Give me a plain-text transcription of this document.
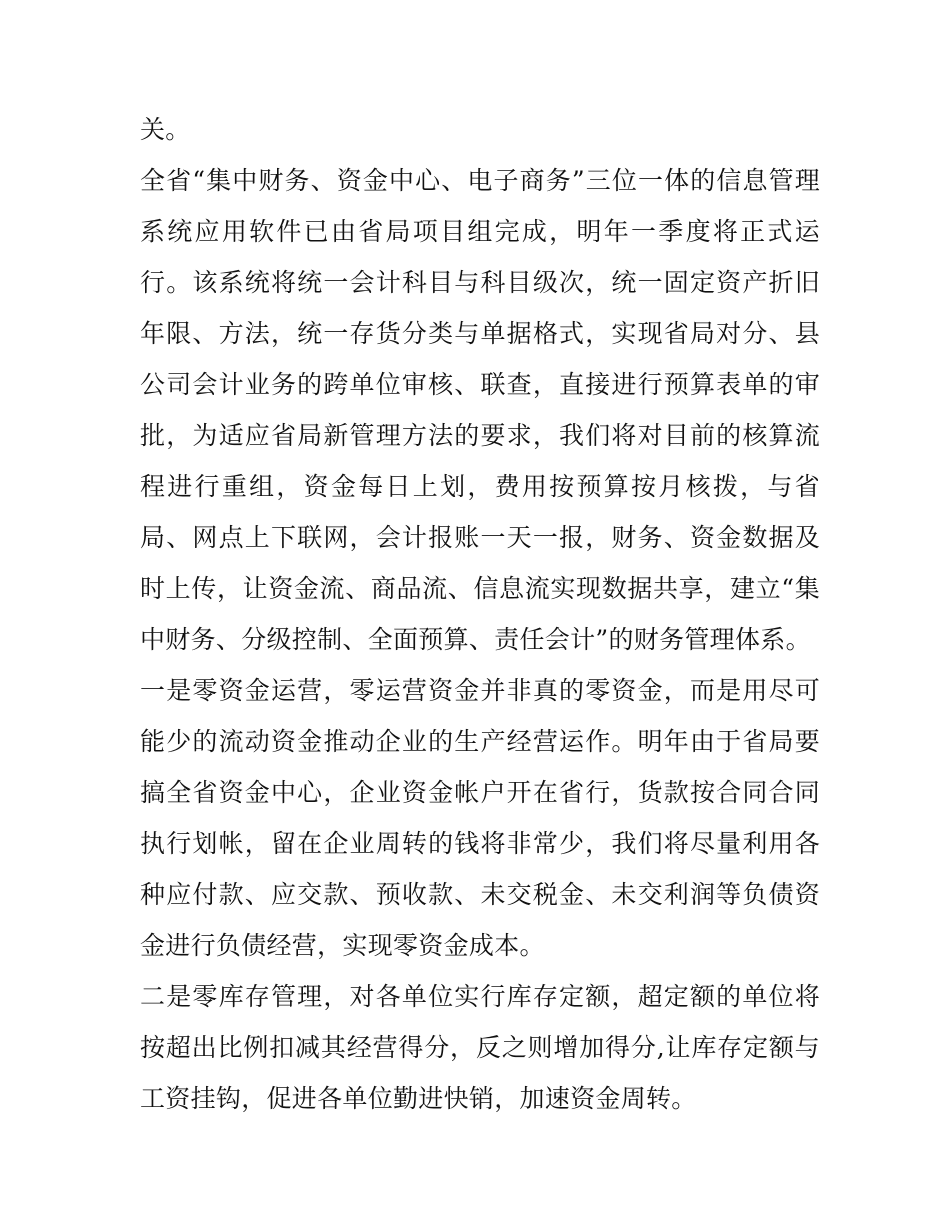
关。

全省“集中财务、资金中心、电子商务”三位一体的信息管理系统应用软件已由省局项目组完成，明年一季度将正式运行。该系统将统一会计科目与科目级次，统一固定资产折旧年限、方法，统一存货分类与单据格式，实现省局对分、县公司会计业务的跨单位审核、联查，直接进行预算表单的审批，为适应省局新管理方法的要求，我们将对目前的核算流程进行重组，资金每日上划，费用按预算按月核拨，与省局、网点上下联网，会计报账一天一报，财务、资金数据及时上传，让资金流、商品流、信息流实现数据共享，建立“集中财务、分级控制、全面预算、责任会计”的财务管理体系。

一是零资金运营，零运营资金并非真的零资金，而是用尽可能少的流动资金推动企业的生产经营运作。明年由于省局要搞全省资金中心，企业资金帐户开在省行，货款按合同合同执行划帐，留在企业周转的钱将非常少，我们将尽量利用各种应付款、应交款、预收款、未交税金、未交利润等负债资金进行负债经营，实现零资金成本。

二是零库存管理，对各单位实行库存定额，超定额的单位将按超出比例扣减其经营得分，反之则增加得分,让库存定额与工资挂钩，促进各单位勤进快销，加速资金周转。
